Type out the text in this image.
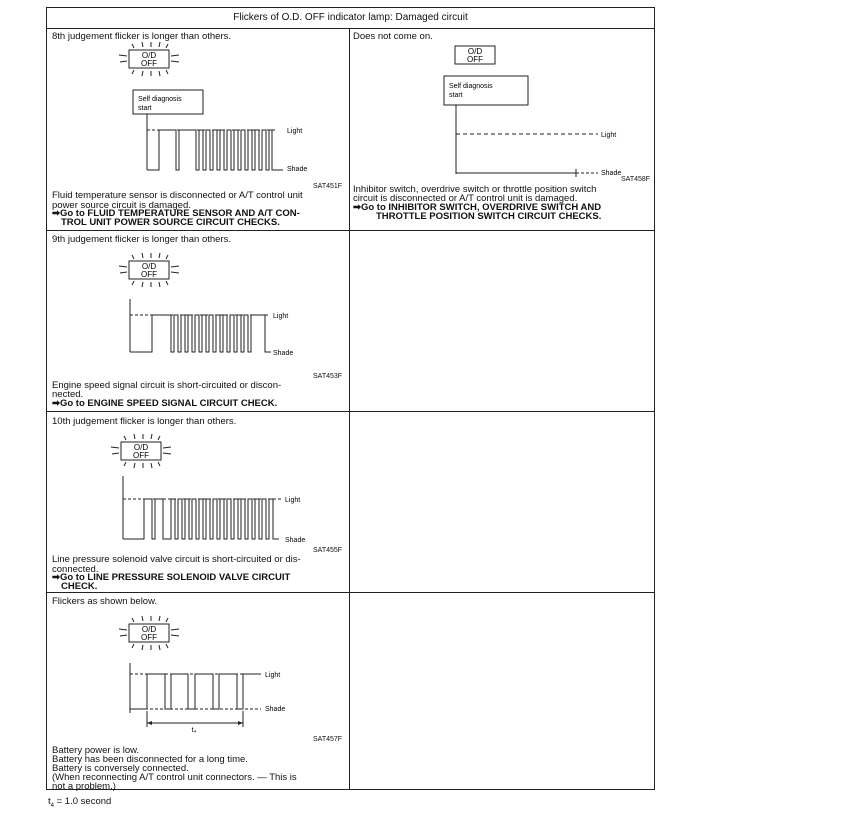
Flickers of O.D. OFF indicator lamp: Damaged circuit
8th judgement flicker is longer than others.
O/D
OFF
Self diagnosis
start
Light
Shade
SAT451F
Fluid temperature sensor is disconnected or A/T control unit
power source circuit is damaged.
➡Go to FLUID TEMPERATURE SENSOR AND A/T CON-
TROL UNIT POWER SOURCE CIRCUIT CHECKS.
Does not come on.
O/D
OFF
Self diagnosis
start
Light
Shade
SAT458F
Inhibitor switch, overdrive switch or throttle position switch
circuit is disconnected or A/T control unit is damaged.
➡Go to INHIBITOR SWITCH, OVERDRIVE SWITCH AND
THROTTLE POSITION SWITCH CIRCUIT CHECKS.
9th judgement flicker is longer than others.
O/D
OFF
Light
Shade
SAT453F
Engine speed signal circuit is short-circuited or discon-
nected.
➡Go to ENGINE SPEED SIGNAL CIRCUIT CHECK.
10th judgement flicker is longer than others.
O/D
OFF
Light
Shade
SAT455F
Line pressure solenoid valve circuit is short-circuited or dis-
connected.
➡Go to LINE PRESSURE SOLENOID VALVE CIRCUIT
CHECK.
Flickers as shown below.
O/D
OFF
t₄
Light
Shade
SAT457F
Battery power is low.
Battery has been disconnected for a long time.
Battery is conversely connected.
(When reconnecting A/T control unit connectors. — This is
not a problem.)
$t_4 = 1.0$ second
